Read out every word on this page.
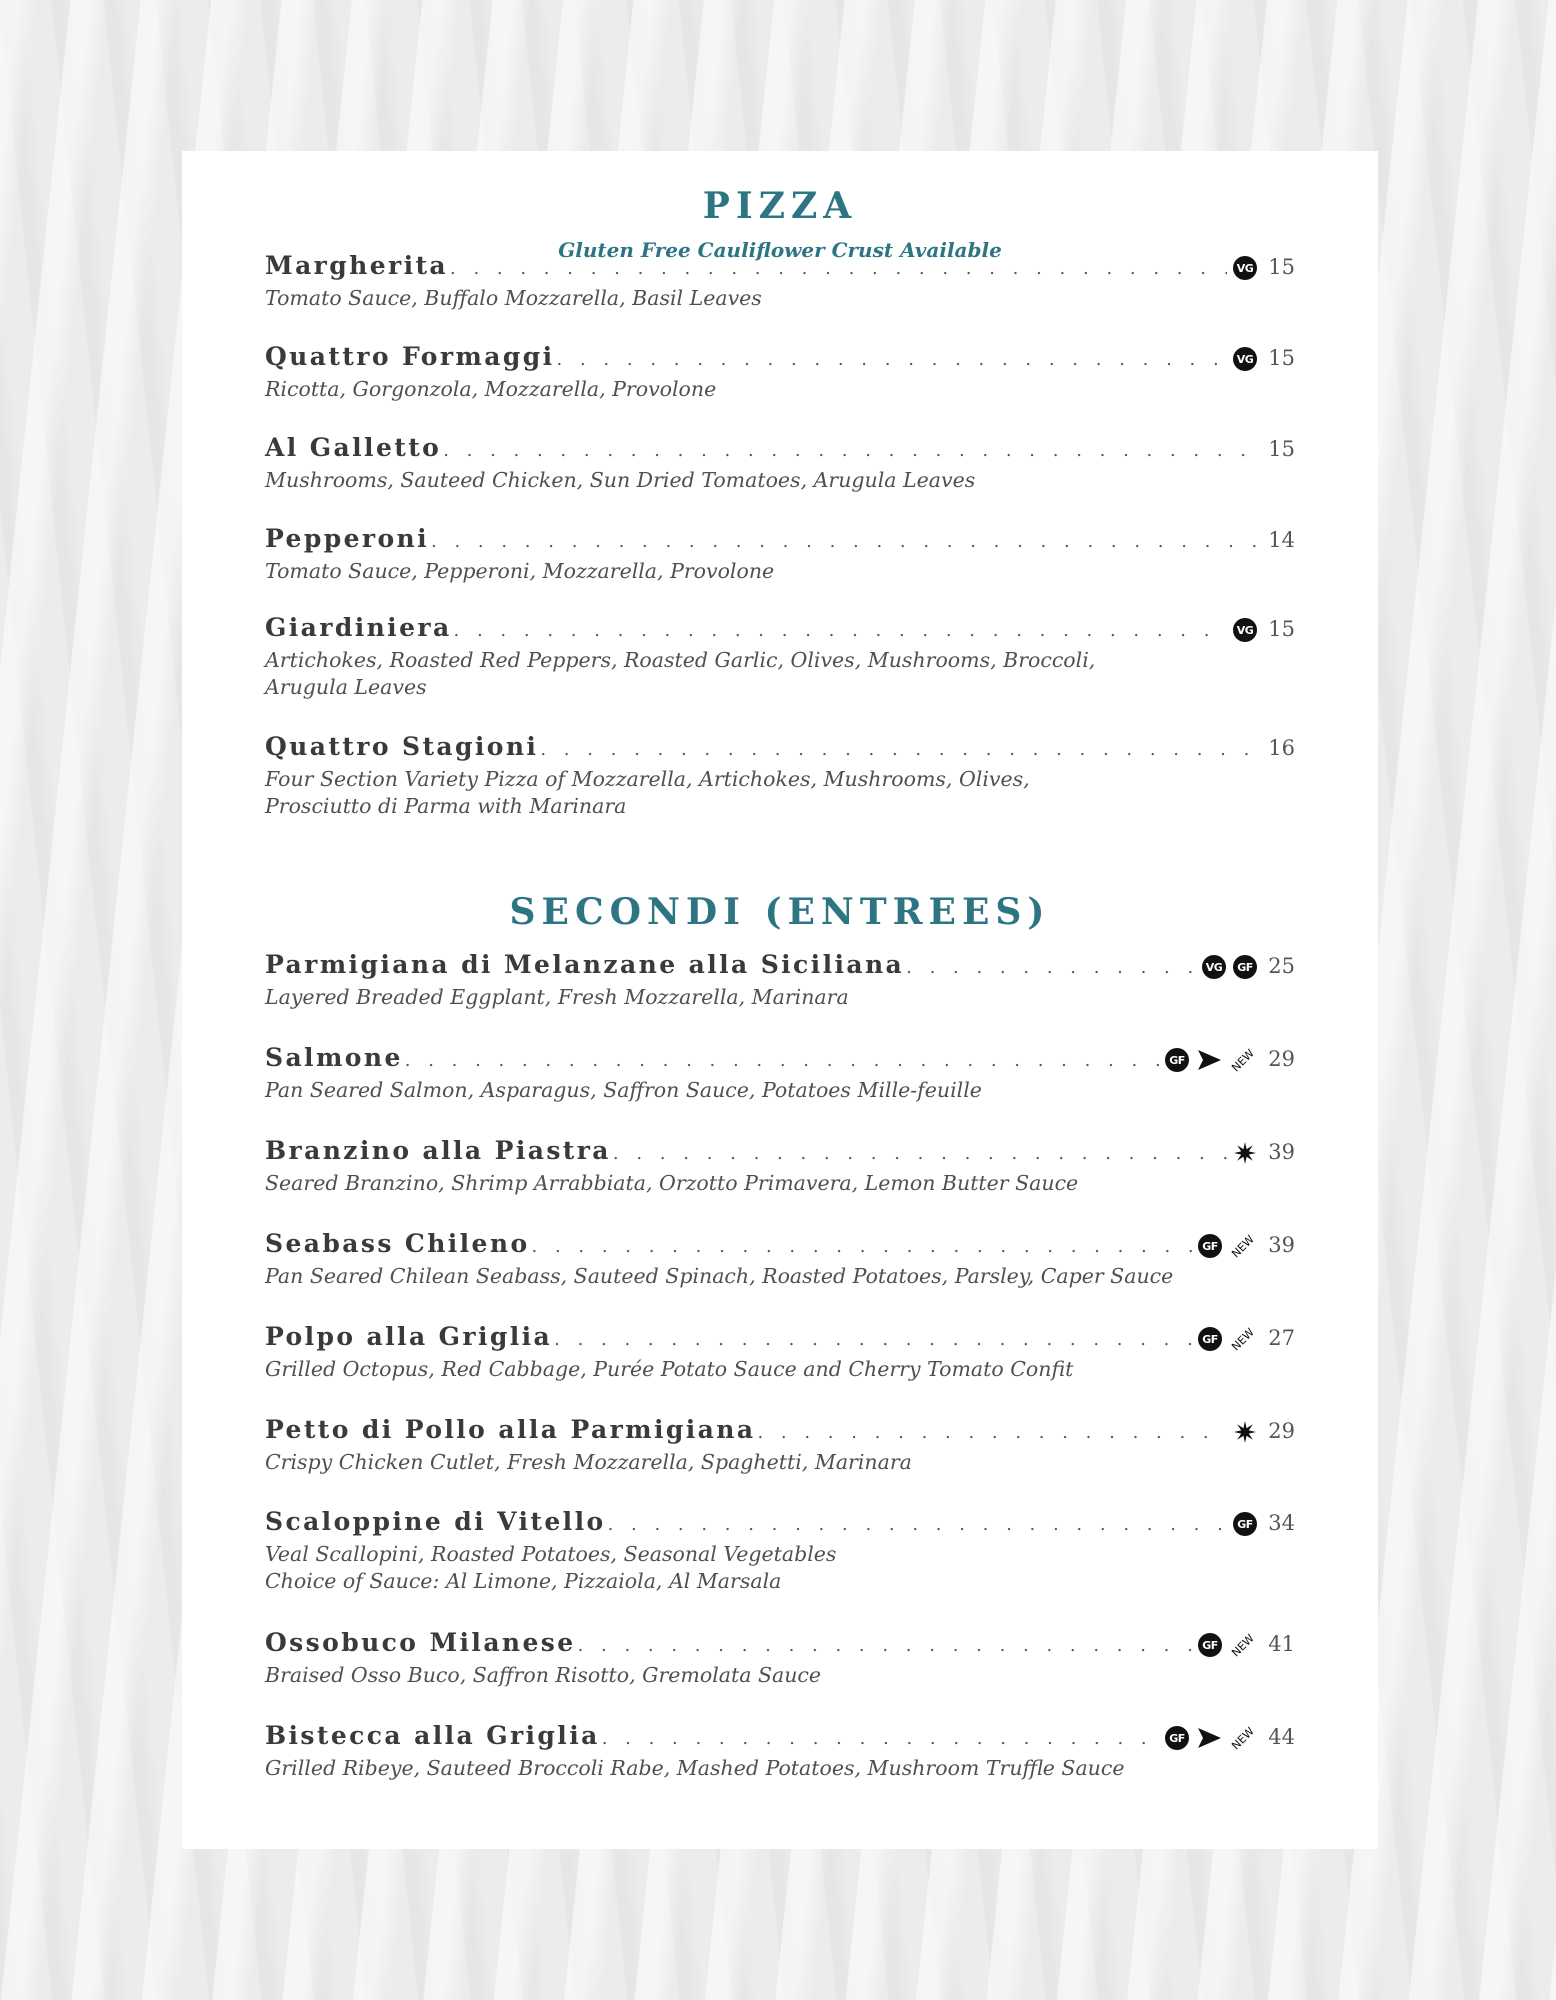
PIZZA
Gluten Free Cauliflower Crust Available
Margherita . . .	VG 15
Tomato Sauce, Buffalo Mozzarella, Basil Leaves
Quattro Formaggi . . .	VG 15
Ricotta, Gorgonzola, Mozzarella, Provolone
Al Galletto . . .	15
Mushrooms, Sauteed Chicken, Sun Dried Tomatoes, Arugula Leaves
Pepperoni . . .	14
Tomato Sauce, Pepperoni, Mozzarella, Provolone
Giardiniera . . .	VG 15
Artichokes, Roasted Red Peppers, Roasted Garlic, Olives, Mushrooms, Broccoli,
Arugula Leaves
Quattro Stagioni . . .	16
Four Section Variety Pizza of Mozzarella, Artichokes, Mushrooms, Olives,
Prosciutto di Parma with Marinara
SECONDI (ENTREES)
Parmigiana di Melanzane alla Siciliana . . .	VG	GF 25
Layered Breaded Eggplant, Fresh Mozzarella, Marinara
Salmone . . .	GF	NEW 29
Pan Seared Salmon, Asparagus, Saffron Sauce, Potatoes Mille-feuille
Branzino alla Piastra . . .	39
Seared Branzino, Shrimp Arrabbiata, Orzotto Primavera, Lemon Butter Sauce
Seabass Chileno . . .	GF	NEW 39
Pan Seared Chilean Seabass, Sauteed Spinach, Roasted Potatoes, Parsley, Caper Sauce
Polpo alla Griglia . . .	GF	NEW 27
Grilled Octopus, Red Cabbage, Purée Potato Sauce and Cherry Tomato Confit
Petto di Pollo alla Parmigiana . . .	29
Crispy Chicken Cutlet, Fresh Mozzarella, Spaghetti, Marinara
Scaloppine di Vitello . . .	GF 34
Veal Scallopini, Roasted Potatoes, Seasonal Vegetables
Choice of Sauce: Al Limone, Pizzaiola, Al Marsala
Ossobuco Milanese . . .	GF	NEW 41
Braised Osso Buco, Saffron Risotto, Gremolata Sauce
Bistecca alla Griglia . . .	GF	NEW 44
Grilled Ribeye, Sauteed Broccoli Rabe, Mashed Potatoes, Mushroom Truffle Sauce
